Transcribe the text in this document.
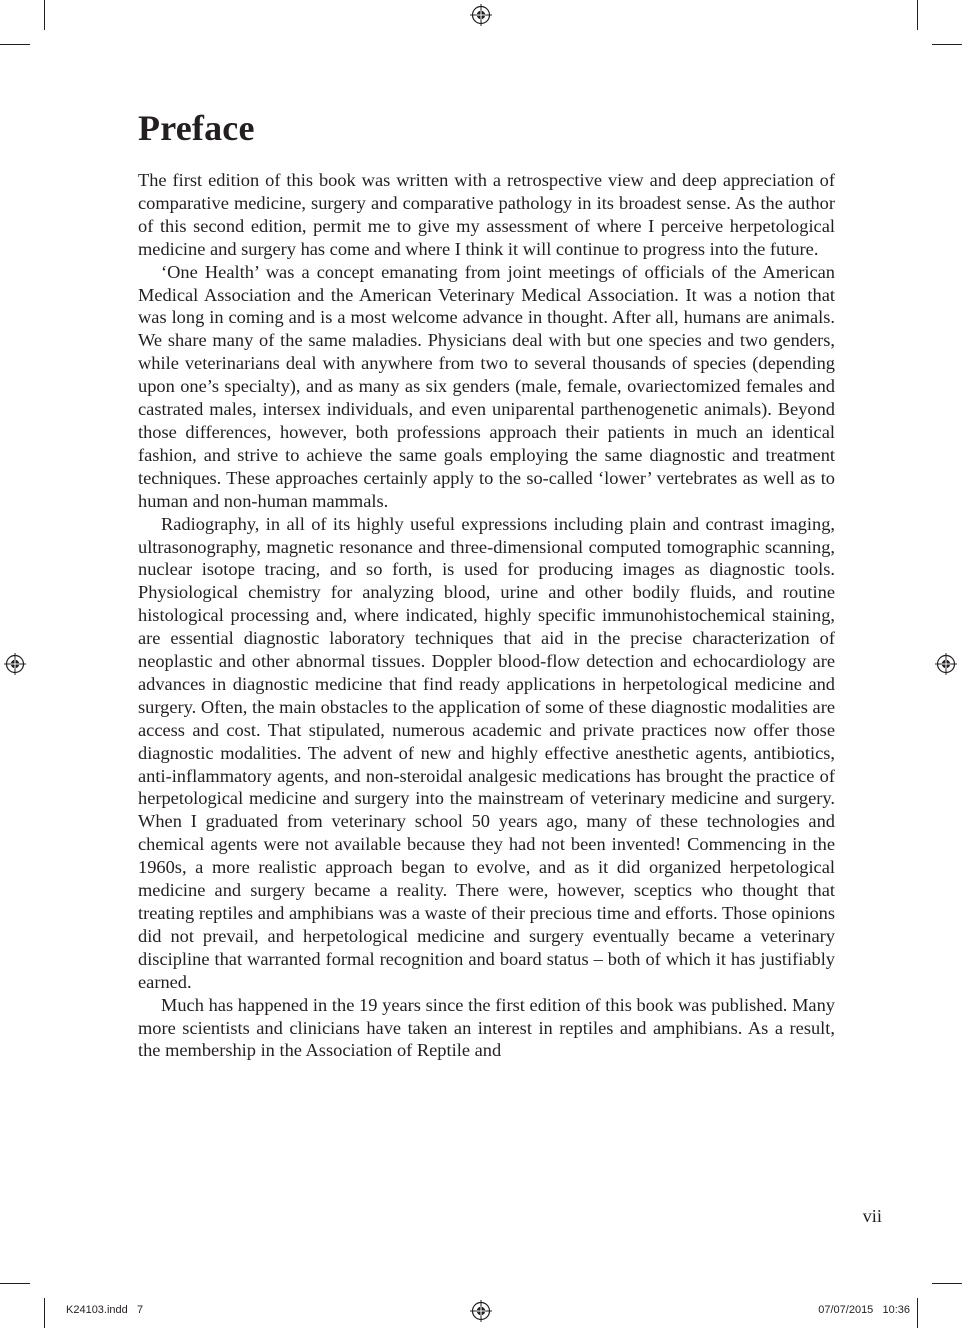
Preface

The first edition of this book was written with a retrospective view and deep appreciation of comparative medicine, surgery and comparative pathology in its broadest sense. As the author of this second edition, permit me to give my assessment of where I perceive herpetological medicine and surgery has come and where I think it will continue to progress into the future.

‘One Health’ was a concept emanating from joint meetings of officials of the American Medical Association and the American Veterinary Medical Association. It was a notion that was long in coming and is a most welcome advance in thought. After all, humans are animals. We share many of the same maladies. Physicians deal with but one species and two genders, while veterinarians deal with anywhere from two to several thousands of species (depending upon one’s specialty), and as many as six genders (male, female, ovariectomized females and castrated males, intersex individuals, and even uniparental parthenogenetic animals). Beyond those differences, however, both professions approach their patients in much an identical fashion, and strive to achieve the same goals employing the same diagnostic and treatment techniques. These approaches certainly apply to the so-called ‘lower’ vertebrates as well as to human and non-human mammals.

Radiography, in all of its highly useful expressions including plain and contrast imaging, ultrasonography, magnetic resonance and three-dimensional computed tomographic scanning, nuclear isotope tracing, and so forth, is used for producing images as diagnostic tools. Physiological chemistry for analyzing blood, urine and other bodily fluids, and routine histological processing and, where indicated, highly specific immunohistochemical staining, are essential diagnostic laboratory techniques that aid in the precise characterization of neoplastic and other abnormal tissues. Doppler blood-flow detection and echocardiology are advances in diagnostic medicine that find ready applications in herpetological medicine and surgery. Often, the main obstacles to the application of some of these diagnostic modalities are access and cost. That stipulated, numerous academic and private practices now offer those diagnostic modalities. The advent of new and highly effective anesthetic agents, antibiotics, anti-inflammatory agents, and non-steroidal analgesic medications has brought the practice of herpetological medicine and surgery into the mainstream of veterinary medicine and surgery. When I graduated from veterinary school 50 years ago, many of these technologies and chemical agents were not available because they had not been invented! Commencing in the 1960s, a more realistic approach began to evolve, and as it did organized herpetological medicine and surgery became a reality. There were, however, sceptics who thought that treating reptiles and amphibians was a waste of their precious time and efforts. Those opinions did not prevail, and herpetological medicine and surgery eventually became a veterinary discipline that warranted formal recognition and board status – both of which it has justifiably earned.

Much has happened in the 19 years since the first edition of this book was published. Many more scientists and clinicians have taken an interest in reptiles and amphibians. As a result, the membership in the Association of Reptile and

vii
K24103.indd   7	07/07/2015   10:36
